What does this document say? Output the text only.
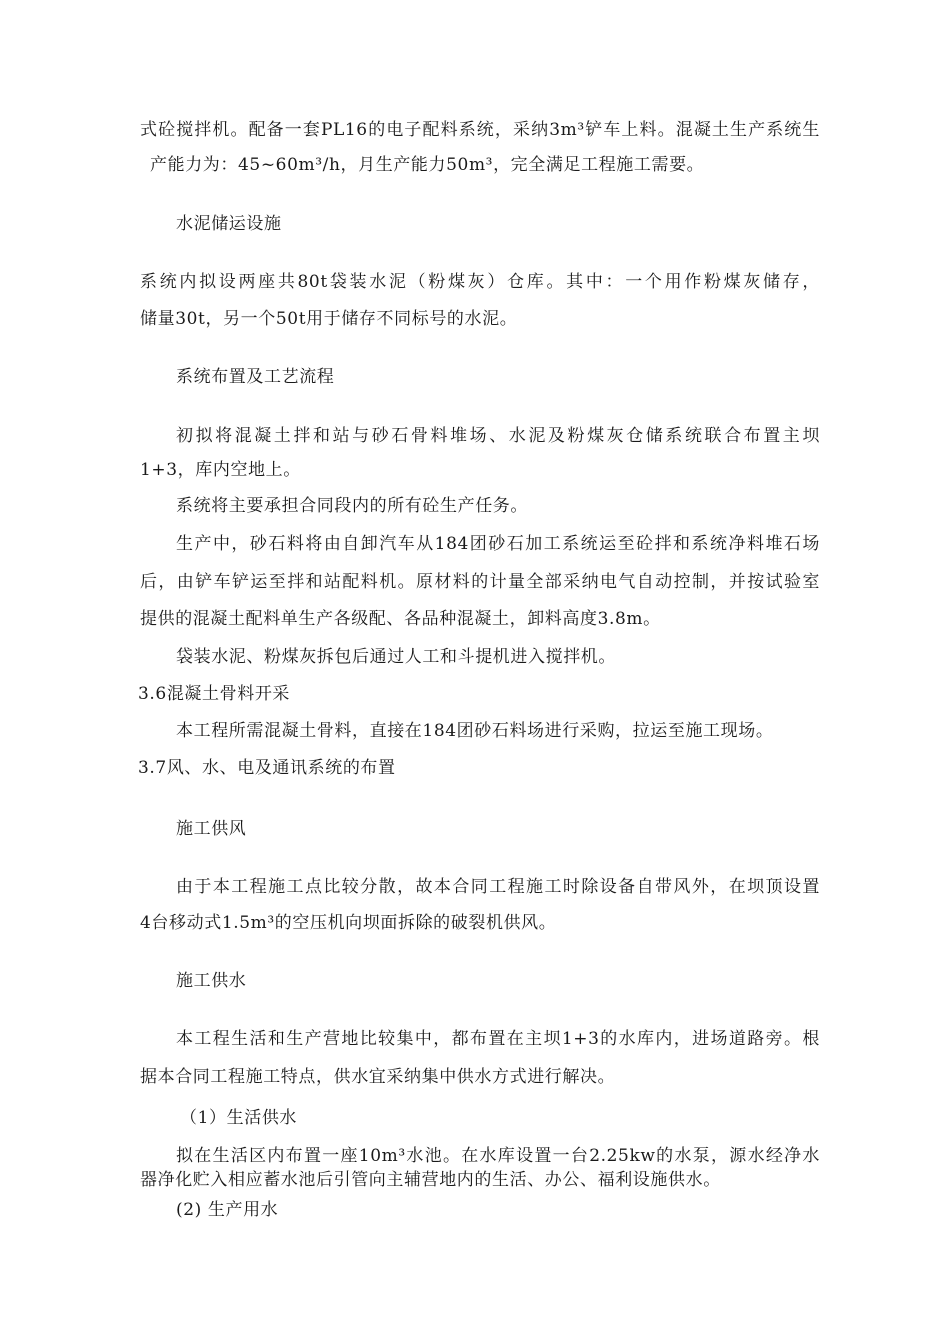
式砼搅拌机。配备一套PL16的电子配料系统，采纳3m³铲车上料。混凝土生产系统生
产能力为：45~60m³/h，月生产能力50m³，完全满足工程施工需要。
水泥储运设施
系统内拟设两座共80t袋装水泥（粉煤灰）仓库。其中：一个用作粉煤灰储存，
储量30t，另一个50t用于储存不同标号的水泥。
系统布置及工艺流程
初拟将混凝土拌和站与砂石骨料堆场、水泥及粉煤灰仓储系统联合布置主坝
1+3，库内空地上。
系统将主要承担合同段内的所有砼生产任务。
生产中，砂石料将由自卸汽车从184团砂石加工系统运至砼拌和系统净料堆石场
后，由铲车铲运至拌和站配料机。原材料的计量全部采纳电气自动控制，并按试验室
提供的混凝土配料单生产各级配、各品种混凝土，卸料高度3.8m。
袋装水泥、粉煤灰拆包后通过人工和斗提机进入搅拌机。
3.6混凝土骨料开采
本工程所需混凝土骨料，直接在184团砂石料场进行采购，拉运至施工现场。
3.7风、水、电及通讯系统的布置
施工供风
由于本工程施工点比较分散，故本合同工程施工时除设备自带风外，在坝顶设置
4台移动式1.5m³的空压机向坝面拆除的破裂机供风。
施工供水
本工程生活和生产营地比较集中，都布置在主坝1+3的水库内，进场道路旁。根
据本合同工程施工特点，供水宜采纳集中供水方式进行解决。
（1）生活供水
拟在生活区内布置一座10m³水池。在水库设置一台2.25kw的水泵，源水经净水
器净化贮入相应蓄水池后引管向主辅营地内的生活、办公、福利设施供水。
(2) 生产用水
